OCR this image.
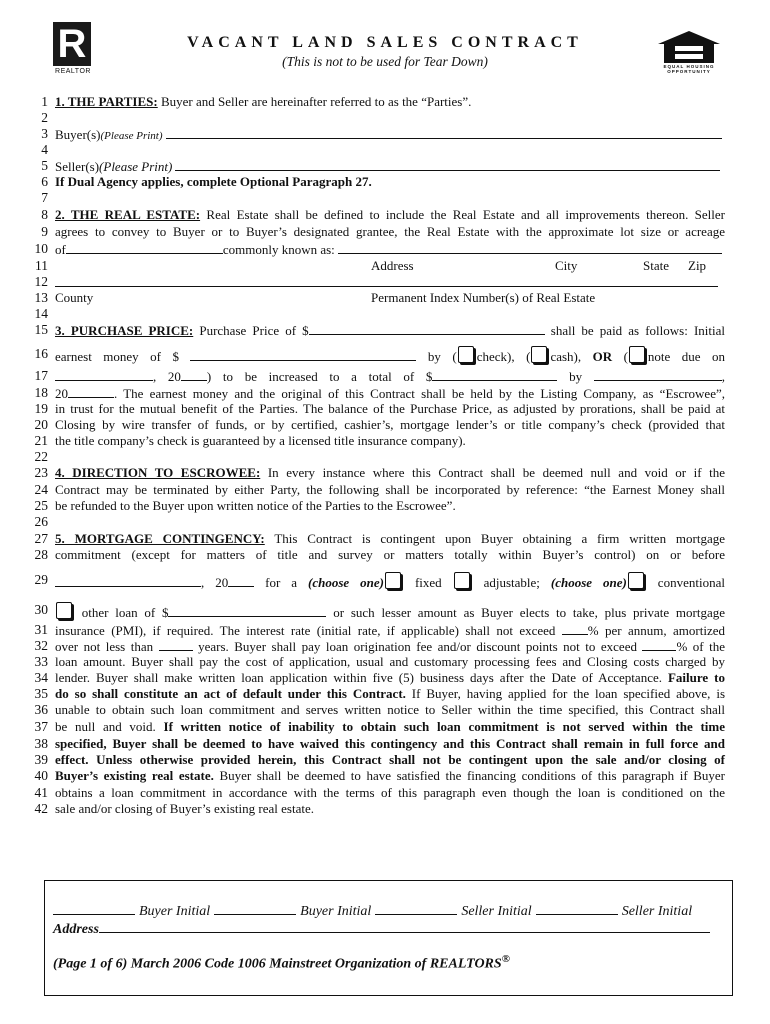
R
REALTOR
VACANT LAND SALES CONTRACT
(This is not to be used for Tear Down)	EQUAL HOUSING OPPORTUNITY
1 1. THE PARTIES: Buyer and Seller are hereinafter referred to as the “Parties”.
2
3 Buyer(s) (Please Print)
4
5 Seller(s) (Please Print)
6 If Dual Agency applies, complete Optional Paragraph 27.
7
8 2. THE REAL ESTATE: Real Estate shall be defined to include the Real Estate and all improvements thereon. Seller
9 agrees to convey to Buyer or to Buyer’s designated grantee, the Real Estate with the approximate lot size or acreage
10 of	commonly known as:
11	Address	City	State Zip
12
13 County	Permanent Index Number(s) of Real Estate
14
15 3. PURCHASE PRICE: Purchase Price of $	shall be paid as follows: Initial
16 earnest money of $	by ( check), ( cash), OR ( note due on
17	, 20 ) to be increased to a total of $	by	,
18 20	. The earnest money and the original of this Contract shall be held by the Listing Company, as “Escrowee”,
19 in trust for the mutual benefit of the Parties. The balance of the Purchase Price, as adjusted by prorations, shall be paid at
20 Closing by wire transfer of funds, or by certified, cashier’s, mortgage lender’s or title company’s check (provided that
21 the title company’s check is guaranteed by a licensed title insurance company).
22
23 4. DIRECTION TO ESCROWEE: In every instance where this Contract shall be deemed null and void or if the
24 Contract may be terminated by either Party, the following shall be incorporated by reference: “the Earnest Money shall
25 be refunded to the Buyer upon written notice of the Parties to the Escrowee”.
26
27 5. MORTGAGE CONTINGENCY: This Contract is contingent upon Buyer obtaining a firm written mortgage
28 commitment (except for matters of title and survey or matters totally within Buyer’s control) on or before
29	, 20 for a (choose one) fixed  adjustable; (choose one) conventional
30	other loan of $	or such lesser amount as Buyer elects to take, plus private mortgage
31 insurance (PMI), if required. The interest rate (initial rate, if applicable) shall not exceed % per annum, amortized
32 over not less than	years. Buyer shall pay loan origination fee and/or discount points not to exceed	% of the
33 loan amount. Buyer shall pay the cost of application, usual and customary processing fees and Closing costs charged by
34 lender. Buyer shall make written loan application within five (5) business days after the Date of Acceptance. Failure to
35 do so shall constitute an act of default under this Contract. If Buyer, having applied for the loan specified above, is
36 unable to obtain such loan commitment and serves written notice to Seller within the time specified, this Contract shall
37 be null and void. If written notice of inability to obtain such loan commitment is not served within the time
38 specified, Buyer shall be deemed to have waived this contingency and this Contract shall remain in full force and
39 effect. Unless otherwise provided herein, this Contract shall not be contingent upon the sale and/or closing of
40 Buyer’s existing real estate. Buyer shall be deemed to have satisfied the financing conditions of this paragraph if Buyer
41 obtains a loan commitment in accordance with the terms of this paragraph even though the loan is conditioned on the
42 sale and/or closing of Buyer’s existing real estate.
Buyer Initial	Buyer Initial	Seller Initial	Seller Initial
Address
(Page 1 of 6) March 2006 Code 1006 Mainstreet Organization of REALTORS®
